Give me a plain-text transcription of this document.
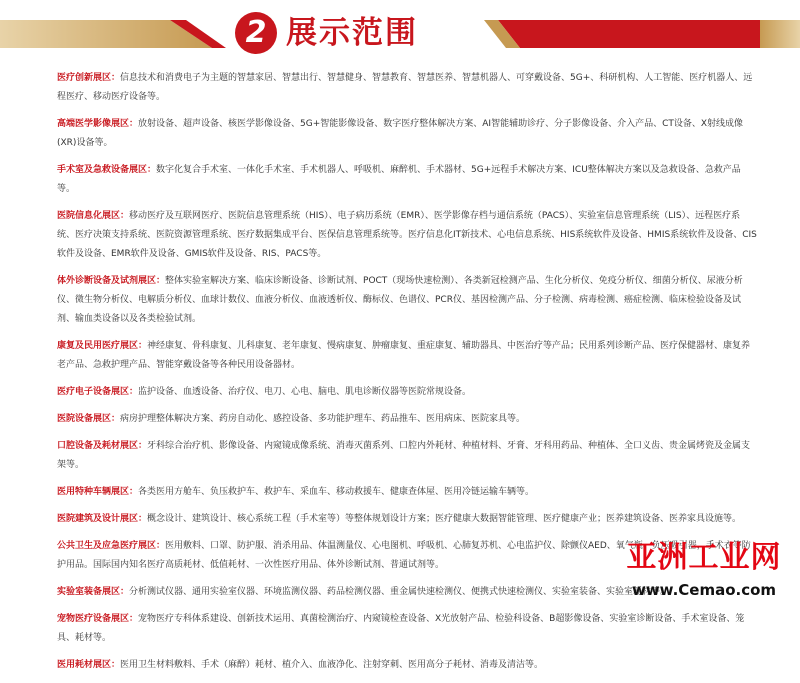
2 展示范围
医疗创新展区：信息技术和消费电子为主题的智慧家居、智慧出行、智慧健身、智慧教育、智慧医养、智慧机器人、可穿戴设备、5G+、科研机构、人工智能、医疗机器人、远程医疗、移动医疗设备等。
高端医学影像展区：放射设备、超声设备、核医学影像设备、5G+智能影像设备、数字医疗整体解决方案、AI智能辅助诊疗、分子影像设备、介入产品、CT设备、X射线成像(XR)设备等。
手术室及急救设备展区：数字化复合手术室、一体化手术室、手术机器人、呼吸机、麻醉机、手术器材、5G+远程手术解决方案、ICU整体解决方案以及急救设备、急救产品等。
医院信息化展区：移动医疗及互联网医疗、医院信息管理系统（HIS）、电子病历系统（EMR）、医学影像存档与通信系统（PACS）、实验室信息管理系统（LIS）、远程医疗系统、医疗决策支持系统、医院资源管理系统、医疗数据集成平台、医保信息管理系统等。医疗信息化IT新技术、心电信息系统、HIS系统软件及设备、HMIS系统软件及设备、CIS软件及设备、EMR软件及设备、GMIS软件及设备、RIS、PACS等。
体外诊断设备及试剂展区：整体实验室解决方案、临床诊断设备、诊断试剂、POCT（现场快速检测）、各类新冠检测产品、生化分析仪、免疫分析仪、细菌分析仪、尿液分析仪、微生物分析仪、电解质分析仪、血球计数仪、血液分析仪、血液透析仪、酶标仪、色谱仪、PCR仪、基因检测产品、分子检测、病毒检测、癌症检测、临床检验设备及试剂、输血类设备以及各类检验试剂。
康复及民用医疗展区：神经康复、骨科康复、儿科康复、老年康复、慢病康复、肿瘤康复、重症康复、辅助器具、中医治疗等产品；民用系列诊断产品、医疗保健器材、康复养老产品、急救护理产品、智能穿戴设备等各种民用设备器材。
医疗电子设备展区：监护设备、血透设备、治疗仪、电刀、心电、脑电、肌电诊断仪器等医院常规设备。
医院设备展区：病房护理整体解决方案、药房自动化、感控设备、多功能护理车、药品推车、医用病床、医院家具等。
口腔设备及耗材展区：牙科综合治疗机、影像设备、内窥镜成像系统、消毒灭菌系列、口腔内外耗材、种植材料、牙膏、牙科用药品、种植体、全口义齿、贵金属烤瓷及金属支架等。
医用特种车辆展区：各类医用方舱车、负压救护车、救护车、采血车、移动救援车、健康查体屋、医用冷链运输车辆等。
医院建筑及设计展区：概念设计、建筑设计、核心系统工程（手术室等）等整体规划设计方案；医疗健康大数据智能管理、医疗健康产业；医养建筑设备、医养家具设施等。
公共卫生及应急医疗展区：医用敷料、口罩、防护服、消杀用品、体温测量仪、心电图机、呼吸机、心肺复苏机、心电监护仪、除颤仪AED、氧气瓶、负压吸引器，手术衣等防护用品。国际国内知名医疗高质耗材、低值耗材、一次性医疗用品、体外诊断试剂、普通试剂等。
实验室装备展区：分析测试仪器、通用实验室仪器、环境监测仪器、药品检测仪器、重金属快速检测仪、便携式快速检测仪、实验室装备、实验室耗材等。
宠物医疗设备展区：宠物医疗专科体系建设、创新技术运用、真菌检测治疗、内窥镜检查设备、X光放射产品、检验科设备、B超影像设备、实验室诊断设备、手术室设备、笼具、耗材等。
医用耗材展区：医用卫生材料敷料、手术（麻醉）耗材、植介入、血液净化、注射穿刺、医用高分子耗材、消毒及清洁等。
亚洲工业网
www.Cemao.com
